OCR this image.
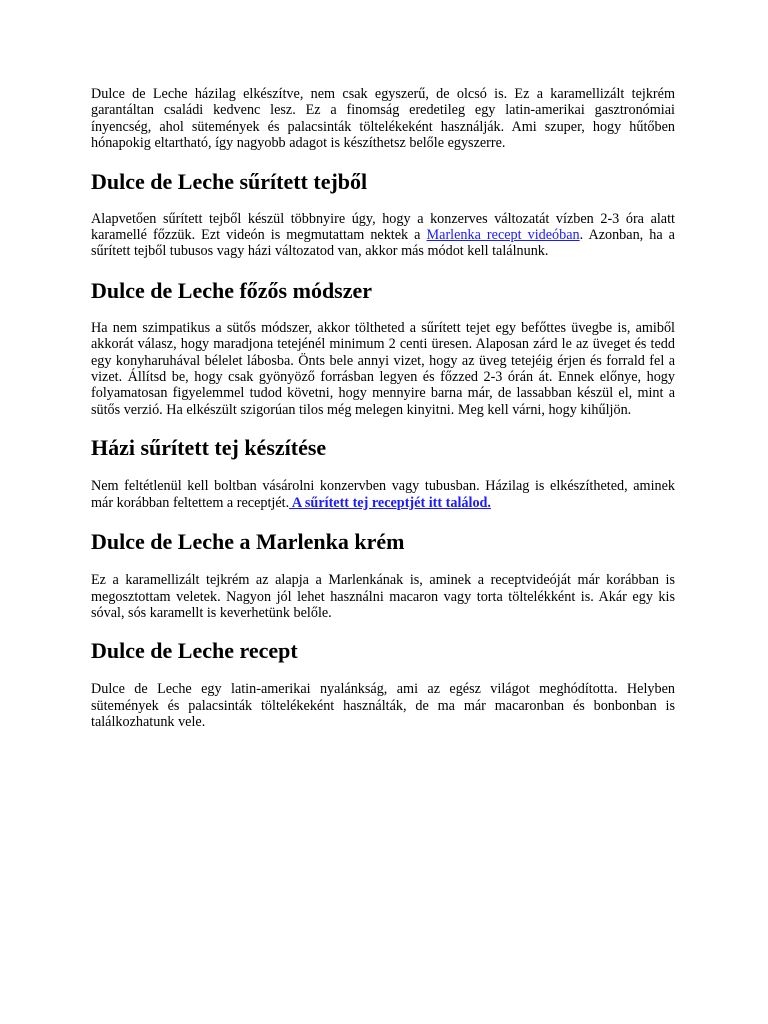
Dulce de Leche házilag elkészítve, nem csak egyszerű, de olcsó is. Ez a karamellizált tejkrém garantáltan családi kedvenc lesz. Ez a finomság eredetileg egy latin-amerikai gasztronómiai ínyencség, ahol sütemények és palacsinták töltelékeként használják. Ami szuper, hogy hűtőben hónapokig eltartható, így nagyobb adagot is készíthetsz belőle egyszerre.

Dulce de Leche sűrített tejből

Alapvetően sűrített tejből készül többnyire úgy, hogy a konzerves változatát vízben 2-3 óra alatt karamellé főzzük. Ezt videón is megmutattam nektek a Marlenka recept videóban. Azonban, ha a sűrített tejből tubusos vagy házi változatod van, akkor más módot kell találnunk.

Dulce de Leche főzős módszer

Ha nem szimpatikus a sütős módszer, akkor töltheted a sűrített tejet egy befőttes üvegbe is, amiből akkorát válasz, hogy maradjona tetejénél minimum 2 centi üresen. Alaposan zárd le az üveget és tedd egy konyharuhával bélelet lábosba. Önts bele annyi vizet, hogy az üveg tetejéig érjen és forrald fel a vizet. Állítsd be, hogy csak gyönyöző forrásban legyen és főzzed 2-3 órán át. Ennek előnye, hogy folyamatosan figyelemmel tudod követni, hogy mennyire barna már, de lassabban készül el, mint a sütős verzió. Ha elkészült szigorúan tilos még melegen kinyitni. Meg kell várni, hogy kihűljön.

Házi sűrített tej készítése

Nem feltétlenül kell boltban vásárolni konzervben vagy tubusban. Házilag is elkészítheted, aminek már korábban feltettem a receptjét. A sűrített tej receptjét itt találod.

Dulce de Leche a Marlenka krém

Ez a karamellizált tejkrém az alapja a Marlenkának is, aminek a receptvideóját már korábban is megosztottam veletek. Nagyon jól lehet használni macaron vagy torta töltelékként is. Akár egy kis sóval, sós karamellt is keverhetünk belőle.

Dulce de Leche recept

Dulce de Leche egy latin-amerikai nyalánkság, ami az egész világot meghódította. Helyben sütemények és palacsinták töltelékeként használták, de ma már macaronban és bonbonban is találkozhatunk vele.
